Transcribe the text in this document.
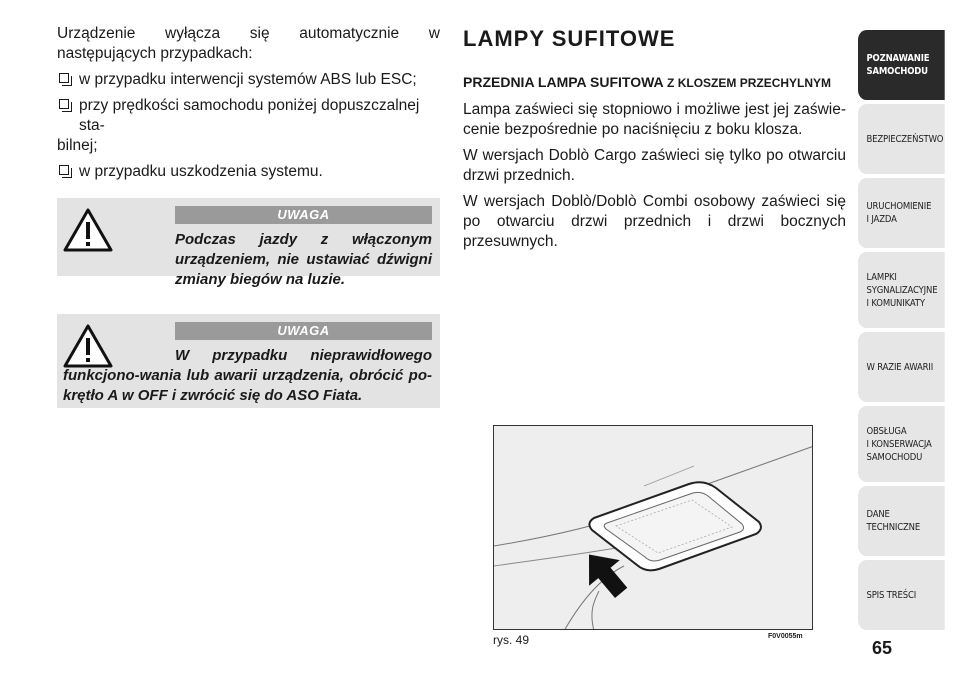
Urządzenie wyłącza się automatycznie w następujących przypadkach:

w przypadku interwencji systemów ABS lub ESC;
przy prędkości samochodu poniżej dopuszczalnej sta-
bilnej;
w przypadku uszkodzenia systemu.
UWAGA
Podczas jazdy z włączonym urządzeniem, nie ustawiać dźwigni zmiany biegów na luzie.
UWAGA
W przypadku nieprawidłowego funkcjono-wania lub awarii urządzenia, obrócić po-krętło A w OFF i zwrócić się do ASO Fiata.
LAMPY SUFITOWE
PRZEDNIA LAMPA SUFITOWA Z KLOSZEM PRZECHYLNYM

Lampa zaświeci się stopniowo i możliwe jest jej zaświe-cenie bezpośrednie po naciśnięciu z boku klosza.

W wersjach Doblò Cargo zaświeci się tylko po otwarciu drzwi przednich.

W wersjach Doblò/Doblò Combi osobowy zaświeci się po otwarciu drzwi przednich i drzwi bocznych przesuwnych.

rys. 49	F0V0055m
POZNAWANIE
SAMOCHODU
BEZPIECZEŃSTWO
URUCHOMIENIE
I JAZDA
LAMPKI
SYGNALIZACYJNE
I KOMUNIKATY
W RAZIE AWARII
OBSŁUGA
I KONSERWACJA
SAMOCHODU
DANE
TECHNICZNE
SPIS TREŚCI
65
